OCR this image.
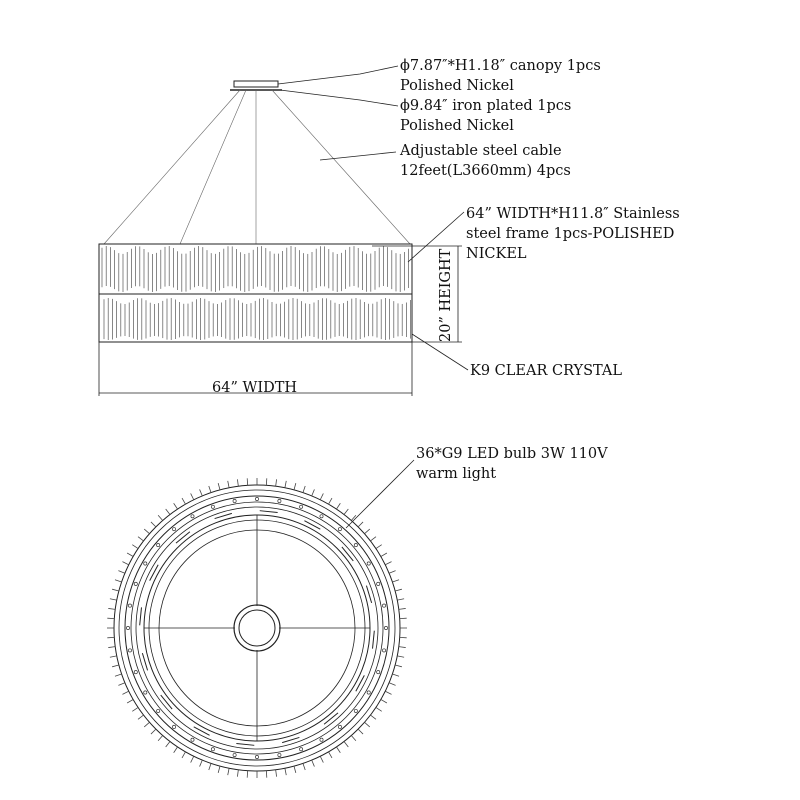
ϕ7.87″*H1.18″ canopy 1pcs
Polished Nickel
ϕ9.84″ iron plated 1pcs
Polished Nickel
Adjustable steel cable
12feet(L3660mm) 4pcs
64” WIDTH*H11.8″ Stainless
steel frame 1pcs-POLISHED
NICKEL
K9 CLEAR CRYSTAL
64” WIDTH
20” HEIGHT
36*G9 LED bulb 3W 110V
warm light
